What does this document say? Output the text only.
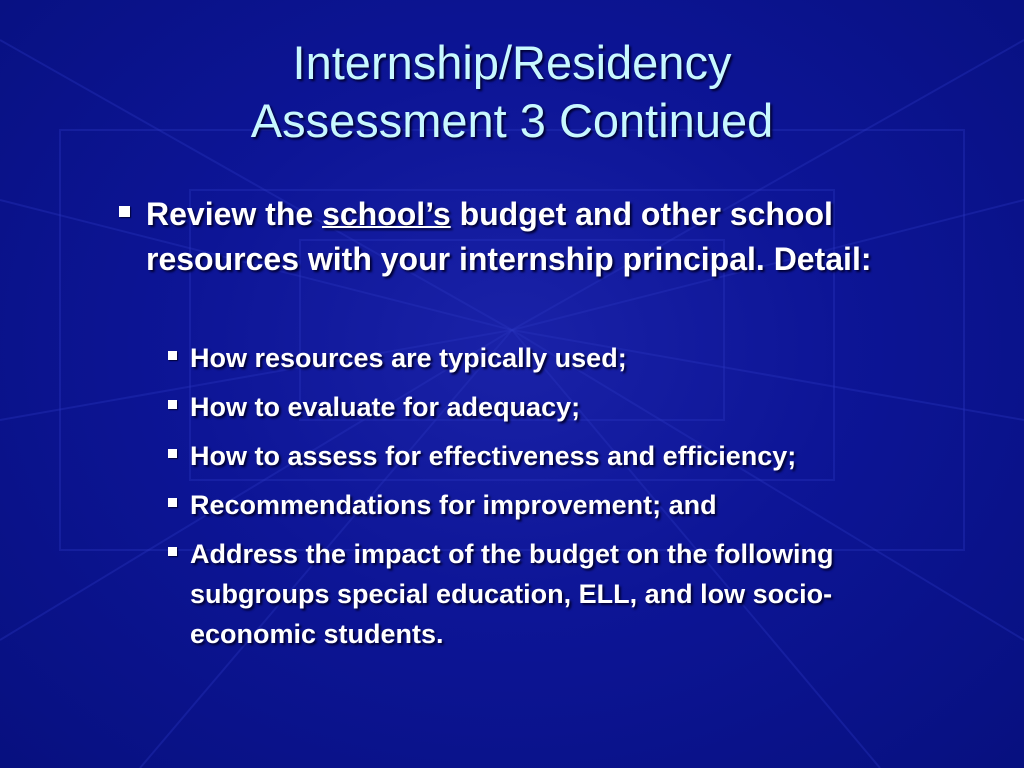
Internship/Residency
Assessment 3 Continued
Review the school’s budget and other school resources with your internship principal. Detail:
How resources are typically used;
How to evaluate for adequacy;
How to assess for effectiveness and efficiency;
Recommendations for improvement; and
Address the impact of the budget on the following subgroups special education, ELL, and low socio-economic students.
